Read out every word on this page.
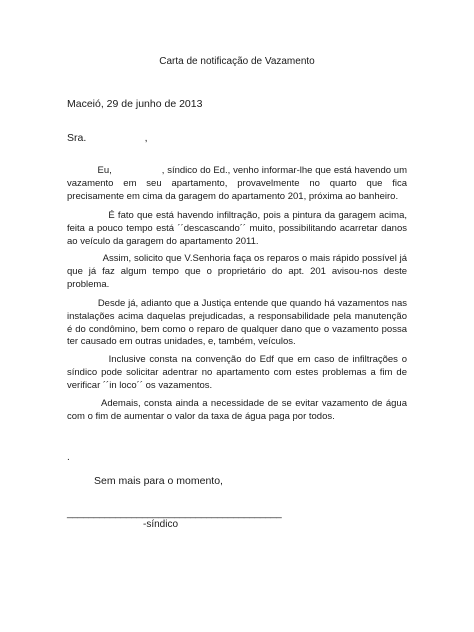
Carta de notificação de Vazamento
Maceió, 29 de junho de 2013
Sra.                    ,
Eu,                  , síndico do Ed., venho informar-lhe que está havendo um
vazamento   em   seu   apartamento,   provavelmente   no   quarto   que   fica
precisamente em cima da garagem do apartamento 201, próxima ao banheiro.
É fato que está havendo infiltração, pois a pintura da garagem acima,
feita a pouco tempo está ´´descascando´´ muito, possibilitando acarretar danos
ao veículo da garagem do apartamento 2011.
Assim, solicito que V.Senhoria faça os reparos o mais rápido possível já
que  já  faz  algum  tempo  que  o  proprietário  do  apt.  201  avisou-nos  deste
problema.
Desde já, adianto que a Justiça entende que quando há vazamentos nas
instalações acima daquelas prejudicadas, a responsabilidade pela manutenção
é do condômino, bem como o reparo de qualquer dano que o vazamento possa
ter causado em outras unidades, e, também, veículos.
Inclusive consta na convenção do Edf que em caso de infiltrações o
síndico pode solicitar adentrar no apartamento com estes problemas a fim de
verificar ´´in loco´´ os vazamentos.
Ademais, consta ainda a necessidade de se evitar vazamento de água
com o fim de aumentar o valor da taxa de água paga por todos.
.
Sem mais para o momento,
________________________________________
-síndico
